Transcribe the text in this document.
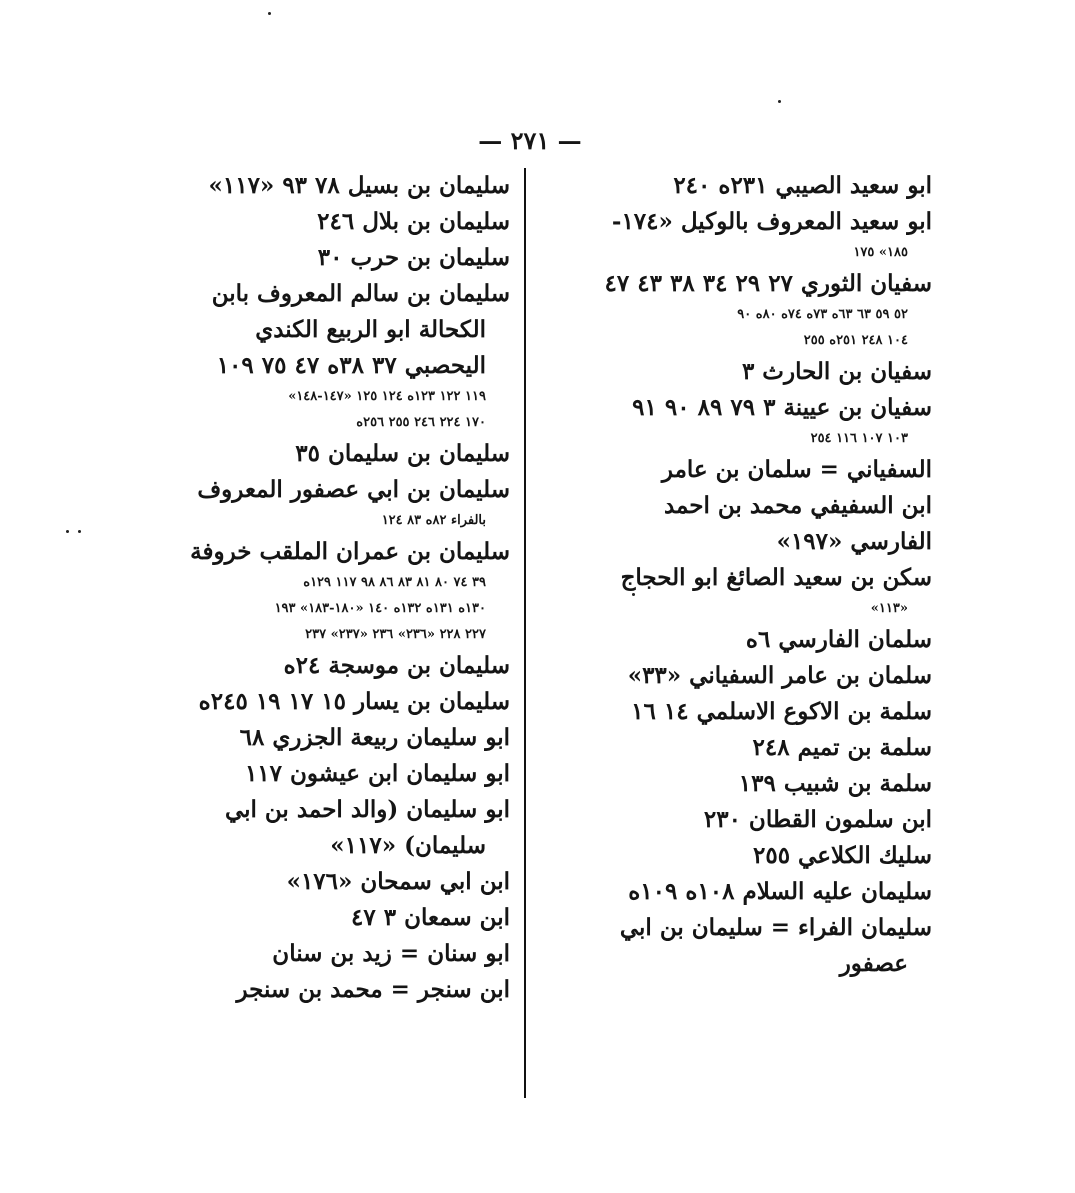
— ٢٧١ —
ابو سعيد الصيبي ٢٣١ه ٢٤٠
ابو سعيد المعروف بالوكيل «١٧٤-
١٨٥» ١٧٥
سفيان الثوري ٢٧ ٢٩ ٣٤ ٣٨ ٤٣ ٤٧
٥٢ ٥٩ ٦٣ ٦٣ه ٧٣ه ٧٤ه ٨٠ه ٩٠
١٠٤ ٢٤٨ ٢٥١ه ٢٥٥
سفيان بن الحارث ٣
سفيان بن عيينة ٣ ٧٩ ٨٩ ٩٠ ٩١
١٠٣ ١٠٧ ١١٦ ٢٥٤
السفياني = سلمان بن عامر
ابن السفيفي محمد بن احمد
الفارسي «١٩٧»
سكن بن سعيد الصائغ ابو الحجاج
«١١٣»
سلمان الفارسي ٦ه
سلمان بن عامر السفياني «٣٣»
سلمة بن الاكوع الاسلمي ١٤ ١٦
سلمة بن تميم ٢٤٨
سلمة بن شبيب ١٣٩
ابن سلمون القطان ٢٣٠
سليك الكلاعي ٢٥٥
سليمان عليه السلام ١٠٨ه ١٠٩ه
سليمان الفراء = سليمان بن ابي
عصفور
سليمان بن بسيل ٧٨ ٩٣ «١١٧»
سليمان بن بلال ٢٤٦
سليمان بن حرب ٣٠
سليمان بن سالم المعروف بابن
الكحالة ابو الربيع الكندي
اليحصبي ٣٧ ٣٨ه ٤٧ ٧٥ ١٠٩
١١٩ ١٢٢ ١٢٣ه ١٢٤ ١٢٥ «١٤٧-١٤٨»
١٧٠ ٢٢٤ ٢٤٦ ٢٥٥ ٢٥٦ه
سليمان بن سليمان ٣٥
سليمان بن ابي عصفور المعروف
بالفراء ٨٢ه ٨٣ ١٢٤
سليمان بن عمران الملقب خروفة
٣٩ ٧٤ ٨٠ ٨١ ٨٣ ٨٦ ٩٨ ١١٧ ١٢٩ه
١٣٠ه ١٣١ه ١٣٢ه ١٤٠ «١٨٠-١٨٣» ١٩٣
٢٢٧ ٢٢٨ «٢٣٦» ٢٣٦ «٢٣٧» ٢٣٧
سليمان بن موسجة ٢٤ه
سليمان بن يسار ١٥ ١٧ ١٩ ٢٤٥ه
ابو سليمان ربيعة الجزري ٦٨
ابو سليمان ابن عيشون ١١٧
ابو سليمان (والد احمد بن ابي
سليمان) «١١٧»
ابن ابي سمحان «١٧٦»
ابن سمعان ٣ ٤٧
ابو سنان = زيد بن سنان
ابن سنجر = محمد بن سنجر
